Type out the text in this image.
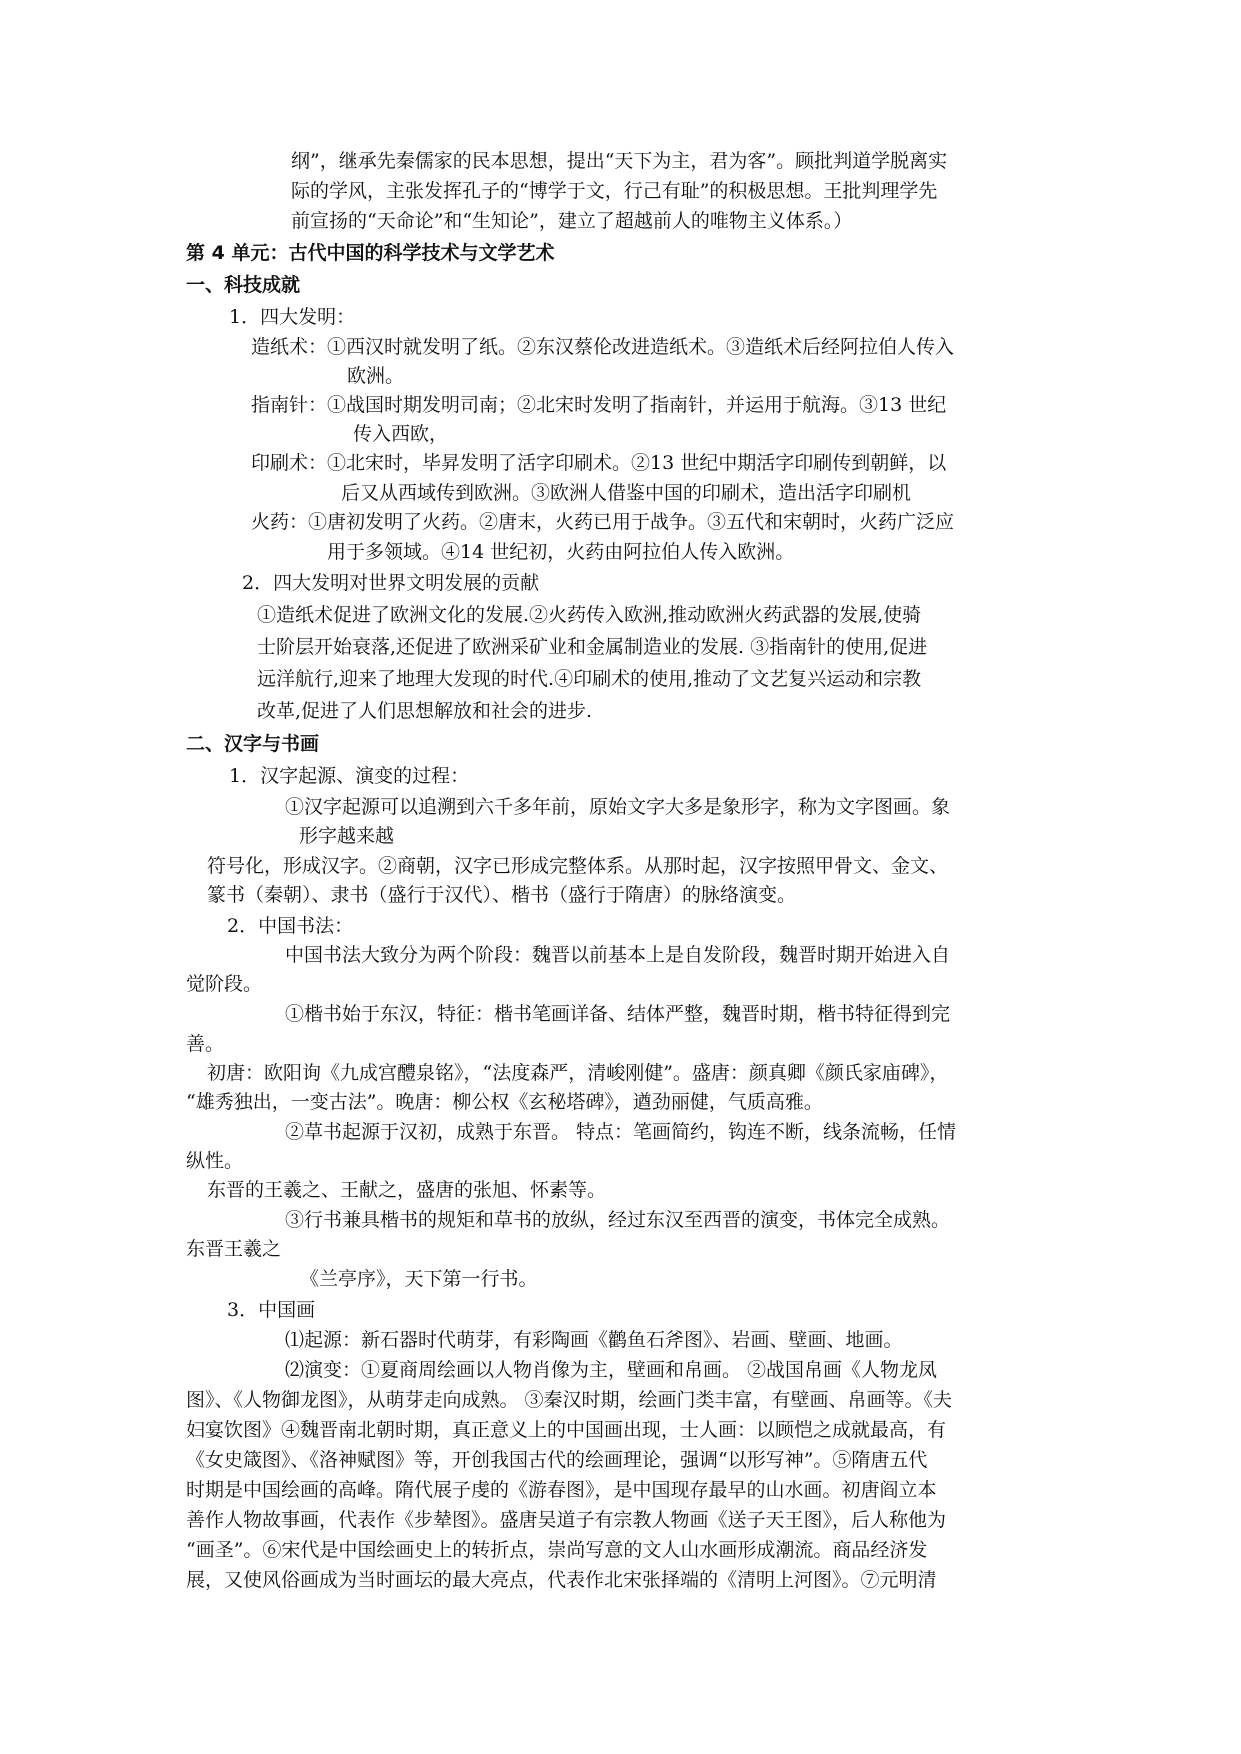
纲”，继承先秦儒家的民本思想，提出“天下为主，君为客”。顾批判道学脱离实
际的学风，主张发挥孔子的“博学于文，行己有耻”的积极思想。王批判理学先
前宣扬的“天命论”和“生知论”，建立了超越前人的唯物主义体系。）
第 4 单元：古代中国的科学技术与文学艺术
一、科技成就
1．四大发明：
造纸术：①西汉时就发明了纸。②东汉蔡伦改进造纸术。③造纸术后经阿拉伯人传入
欧洲。
指南针：①战国时期发明司南；②北宋时发明了指南针，并运用于航海。③13 世纪
传入西欧，
印刷术：①北宋时，毕昇发明了活字印刷术。②13 世纪中期活字印刷传到朝鲜，以
后又从西域传到欧洲。③欧洲人借鉴中国的印刷术，造出活字印刷机
火药：①唐初发明了火药。②唐末，火药已用于战争。③五代和宋朝时，火药广泛应
用于多领域。④14 世纪初，火药由阿拉伯人传入欧洲。
2．四大发明对世界文明发展的贡献
①造纸术促进了欧洲文化的发展.②火药传入欧洲,推动欧洲火药武器的发展,使骑
士阶层开始衰落,还促进了欧洲采矿业和金属制造业的发展. ③指南针的使用,促进
远洋航行,迎来了地理大发现的时代.④印刷术的使用,推动了文艺复兴运动和宗教
改革,促进了人们思想解放和社会的进步.
二、汉字与书画
1．汉字起源、演变的过程：
①汉字起源可以追溯到六千多年前，原始文字大多是象形字，称为文字图画。象
形字越来越
符号化，形成汉字。②商朝，汉字已形成完整体系。从那时起，汉字按照甲骨文、金文、
篆书（秦朝）、隶书（盛行于汉代）、楷书（盛行于隋唐）的脉络演变。
2．中国书法：
中国书法大致分为两个阶段：魏晋以前基本上是自发阶段，魏晋时期开始进入自
觉阶段。
①楷书始于东汉，特征：楷书笔画详备、结体严整，魏晋时期，楷书特征得到完
善。
初唐：欧阳询《九成宫醴泉铭》，“法度森严，清峻刚健”。盛唐：颜真卿《颜氏家庙碑》，
“雄秀独出，一变古法”。晚唐：柳公权《玄秘塔碑》，遒劲丽健，气质高雅。
②草书起源于汉初，成熟于东晋。 特点：笔画简约，钩连不断，线条流畅，任情
纵性。
东晋的王羲之、王献之，盛唐的张旭、怀素等。
③行书兼具楷书的规矩和草书的放纵，经过东汉至西晋的演变，书体完全成熟。
东晋王羲之
《兰亭序》，天下第一行书。
3．中国画
⑴起源：新石器时代萌芽，有彩陶画《鹳鱼石斧图》、岩画、壁画、地画。
⑵演变：①夏商周绘画以人物肖像为主，壁画和帛画。 ②战国帛画《人物龙凤
图》、《人物御龙图》，从萌芽走向成熟。 ③秦汉时期，绘画门类丰富，有壁画、帛画等。《夫
妇宴饮图》④魏晋南北朝时期，真正意义上的中国画出现，士人画：以顾恺之成就最高，有
《女史箴图》、《洛神赋图》等，开创我国古代的绘画理论，强调“以形写神”。⑤隋唐五代
时期是中国绘画的高峰。隋代展子虔的《游春图》，是中国现存最早的山水画。初唐阎立本
善作人物故事画，代表作《步辇图》。盛唐吴道子有宗教人物画《送子天王图》，后人称他为
“画圣”。⑥宋代是中国绘画史上的转折点，崇尚写意的文人山水画形成潮流。商品经济发
展，又使风俗画成为当时画坛的最大亮点，代表作北宋张择端的《清明上河图》。⑦元明清
